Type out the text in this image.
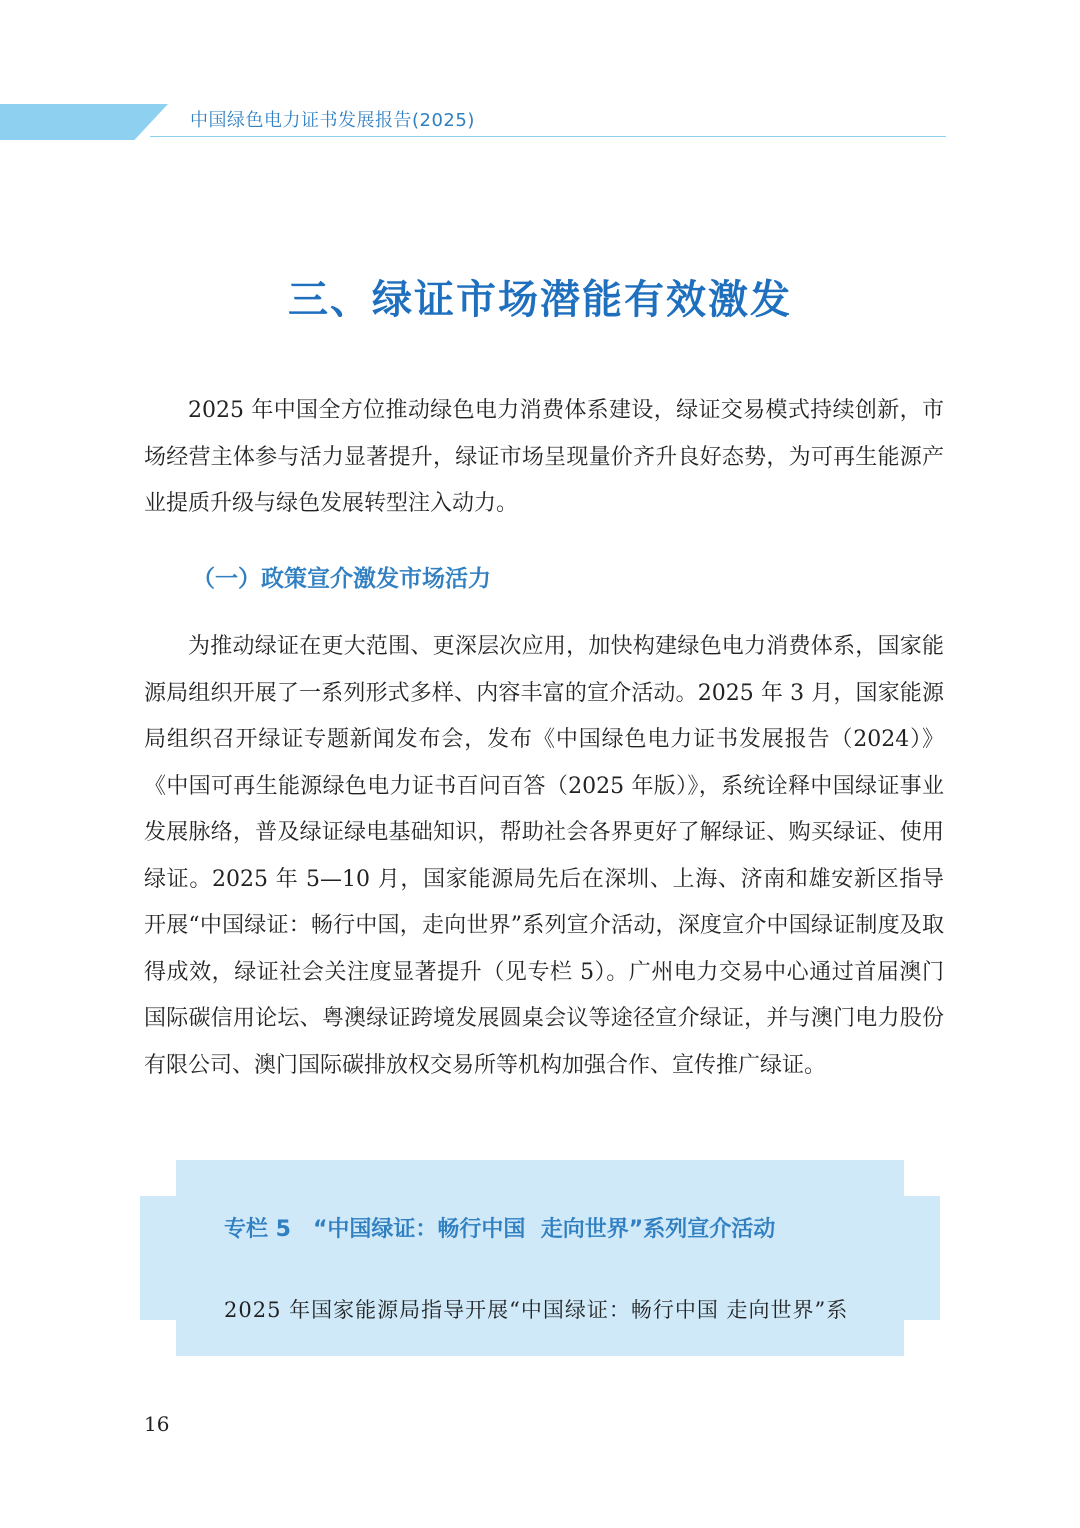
中国绿色电力证书发展报告(2025)
三、绿证市场潜能有效激发

2025 年中国全方位推动绿色电力消费体系建设，绿证交易模式持续创新，市场经营主体参与活力显著提升，绿证市场呈现量价齐升良好态势，为可再生能源产业提质升级与绿色发展转型注入动力。

（一）政策宣介激发市场活力

为推动绿证在更大范围、更深层次应用，加快构建绿色电力消费体系，国家能源局组织开展了一系列形式多样、内容丰富的宣介活动。2025 年 3 月，国家能源局组织召开绿证专题新闻发布会，发布《中国绿色电力证书发展报告（2024）》《中国可再生能源绿色电力证书百问百答（2025 年版）》，系统诠释中国绿证事业发展脉络，普及绿证绿电基础知识，帮助社会各界更好了解绿证、购买绿证、使用绿证。2025 年 5—10 月，国家能源局先后在深圳、上海、济南和雄安新区指导开展“中国绿证：畅行中国，走向世界”系列宣介活动，深度宣介中国绿证制度及取得成效，绿证社会关注度显著提升（见专栏 5）。广州电力交易中心通过首届澳门国际碳信用论坛、粤澳绿证跨境发展圆桌会议等途径宣介绿证，并与澳门电力股份有限公司、澳门国际碳排放权交易所等机构加强合作、宣传推广绿证。

专栏 5　“中国绿证：畅行中国  走向世界”系列宣介活动
2025 年国家能源局指导开展“中国绿证：畅行中国 走向世界”系
16
